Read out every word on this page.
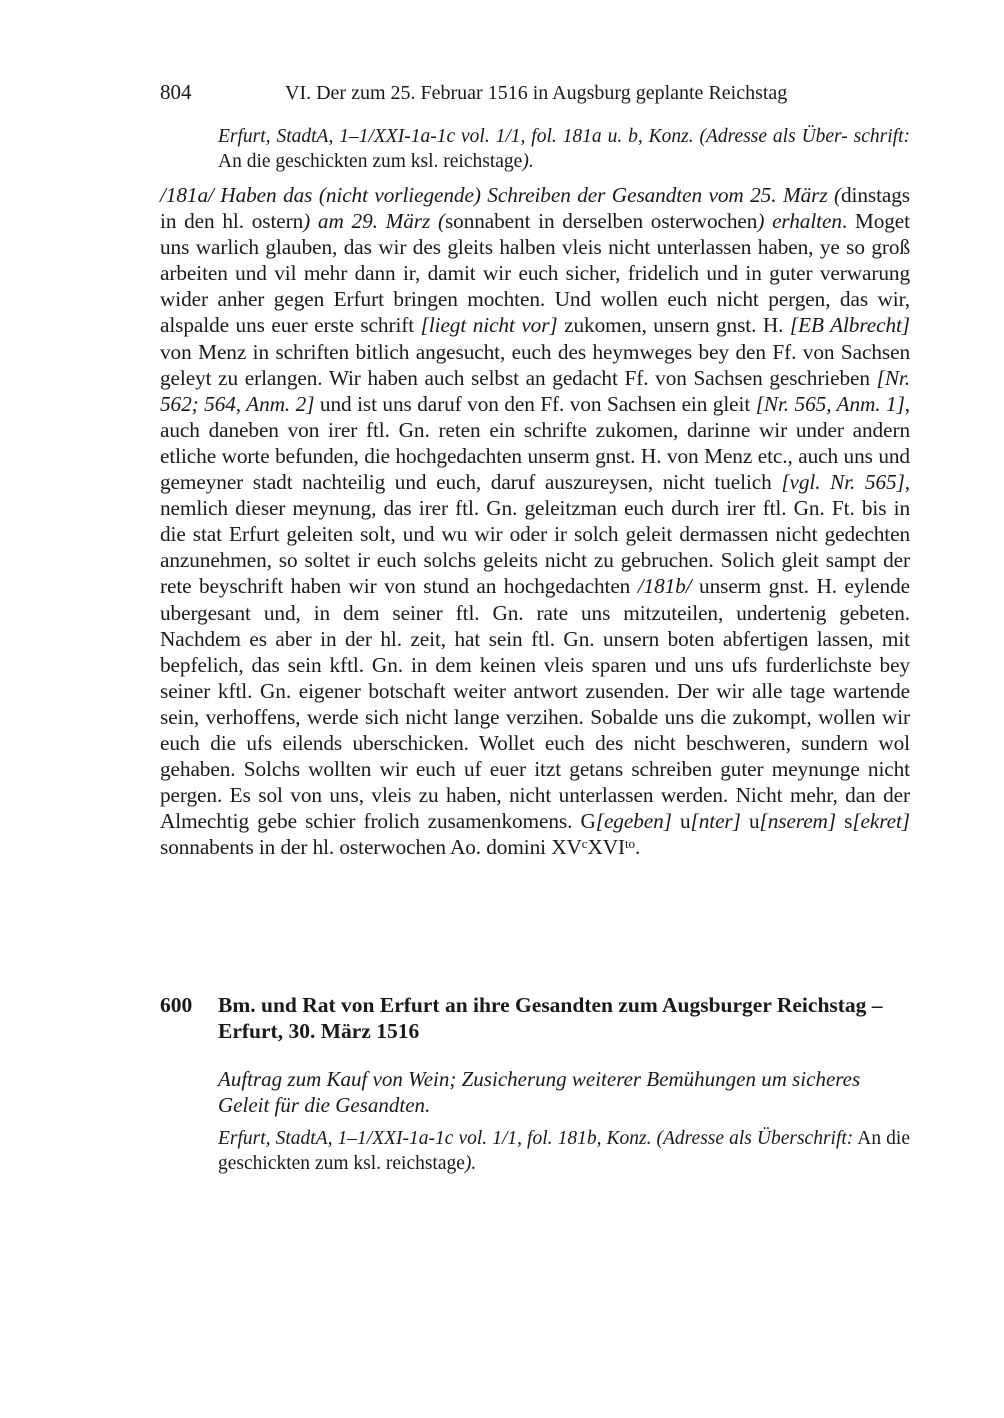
804	VI. Der zum 25. Februar 1516 in Augsburg geplante Reichstag
Erfurt, StadtA, 1–1/XXI-1a-1c vol. 1/1, fol. 181a u. b, Konz. (Adresse als Über- schrift: An die geschickten zum ksl. reichstage).

/181a/ Haben das (nicht vorliegende) Schreiben der Gesandten vom 25. März (dinstags in den hl. ostern) am 29. März (sonnabent in derselben osterwochen) erhalten. Moget uns warlich glauben, das wir des gleits halben vleis nicht unterlassen haben, ye so groß arbeiten und vil mehr dann ir, damit wir euch sicher, fridelich und in guter verwarung wider anher gegen Erfurt bringen mochten. Und wollen euch nicht pergen, das wir, alspalde uns euer erste schrift [liegt nicht vor] zukomen, unsern gnst. H. [EB Albrecht] von Menz in schriften bitlich angesucht, euch des heymweges bey den Ff. von Sachsen geleyt zu erlangen. Wir haben auch selbst an gedacht Ff. von Sachsen geschrieben [Nr. 562; 564, Anm. 2] und ist uns daruf von den Ff. von Sachsen ein gleit [Nr. 565, Anm. 1], auch daneben von irer ftl. Gn. reten ein schrifte zukomen, darinne wir under andern etliche worte befunden, die hochgedachten unserm gnst. H. von Menz etc., auch uns und gemeyner stadt nachteilig und euch, daruf auszureysen, nicht tuelich [vgl. Nr. 565], nemlich dieser meynung, das irer ftl. Gn. geleitzman euch durch irer ftl. Gn. Ft. bis in die stat Erfurt geleiten solt, und wu wir oder ir solch geleit dermassen nicht gedechten anzunehmen, so soltet ir euch solchs geleits nicht zu gebruchen. Solich gleit sampt der rete beyschrift haben wir von stund an hochgedachten /181b/ unserm gnst. H. eylende ubergesant und, in dem seiner ftl. Gn. rate uns mitzuteilen, undertenig gebeten. Nachdem es aber in der hl. zeit, hat sein ftl. Gn. unsern boten abfertigen lassen, mit bepfelich, das sein kftl. Gn. in dem keinen vleis sparen und uns ufs furderlichste bey seiner kftl. Gn. eigener botschaft weiter antwort zusenden. Der wir alle tage wartende sein, verhoffens, werde sich nicht lange verzihen. Sobalde uns die zukompt, wollen wir euch die ufs eilends uberschicken. Wollet euch des nicht beschweren, sundern wol gehaben. Solchs wollten wir euch uf euer itzt getans schreiben guter meynunge nicht pergen. Es sol von uns, vleis zu haben, nicht unterlassen werden. Nicht mehr, dan der Almechtig gebe schier frolich zusamenkomens. G[egeben] u[nter] u[nserem] s[ekret] sonnabents in der hl. osterwochen Ao. domini $XV^cXVI^{to}$.

600 Bm. und Rat von Erfurt an ihre Gesandten zum Augsburger Reichstag – Erfurt, 30. März 1516
Auftrag zum Kauf von Wein; Zusicherung weiterer Bemühungen um sicheres Geleit für die Gesandten.
Erfurt, StadtA, 1–1/XXI-1a-1c vol. 1/1, fol. 181b, Konz. (Adresse als Überschrift: An die geschickten zum ksl. reichstage).
